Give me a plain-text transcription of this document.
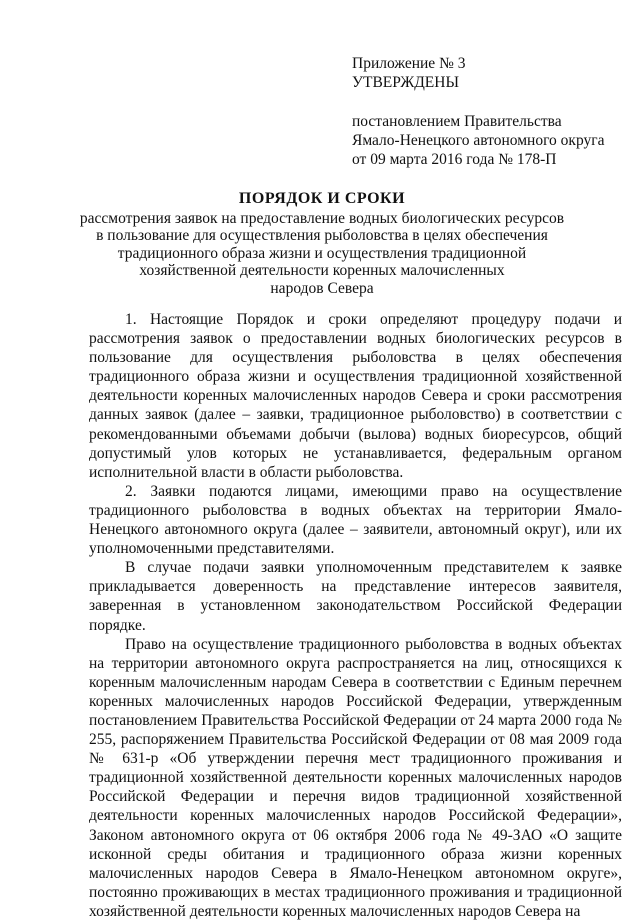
Приложение № 3
УТВЕРЖДЕНЫ
постановлением Правительства
Ямало-Ненецкого автономного округа
от 09 марта 2016 года № 178-П
ПОРЯДОК И СРОКИ
рассмотрения заявок на предоставление водных биологических ресурсов
в пользование для осуществления рыболовства в целях обеспечения
традиционного образа жизни и осуществления традиционной
хозяйственной деятельности коренных малочисленных
народов Севера

1. Настоящие Порядок и сроки определяют процедуру подачи и рассмотрения заявок о предоставлении водных биологических ресурсов в пользование для осуществления рыболовства в целях обеспечения традиционного образа жизни и осуществления традиционной хозяйственной деятельности коренных малочисленных народов Севера и сроки рассмотрения данных заявок (далее – заявки, традиционное рыболовство) в соответствии с рекомендованными объемами добычи (вылова) водных биоресурсов, общий допустимый улов которых не устанавливается, федеральным органом исполнительной власти в области рыболовства.

2. Заявки подаются лицами, имеющими право на осуществление традиционного рыболовства в водных объектах на территории Ямало-Ненецкого автономного округа (далее – заявители, автономный округ), или их уполномоченными представителями.

В случае подачи заявки уполномоченным представителем к заявке прикладывается доверенность на представление интересов заявителя, заверенная в установленном законодательством Российской Федерации порядке.

Право на осуществление традиционного рыболовства в водных объектах на территории автономного округа распространяется на лиц, относящихся к коренным малочисленным народам Севера в соответствии с Единым перечнем коренных малочисленных народов Российской Федерации, утвержденным постановлением Правительства Российской Федерации от 24 марта 2000 года № 255, распоряжением Правительства Российской Федерации от 08 мая 2009 года № 631-р «Об утверждении перечня мест традиционного проживания и традиционной хозяйственной деятельности коренных малочисленных народов Российской Федерации и перечня видов традиционной хозяйственной деятельности коренных малочисленных народов Российской Федерации», Законом автономного округа от 06 октября 2006 года № 49-ЗАО «О защите исконной среды обитания и традиционного образа жизни коренных малочисленных народов Севера в Ямало-Ненецком автономном округе», постоянно проживающих в местах традиционного проживания и традиционной хозяйственной деятельности коренных малочисленных народов Севера на
